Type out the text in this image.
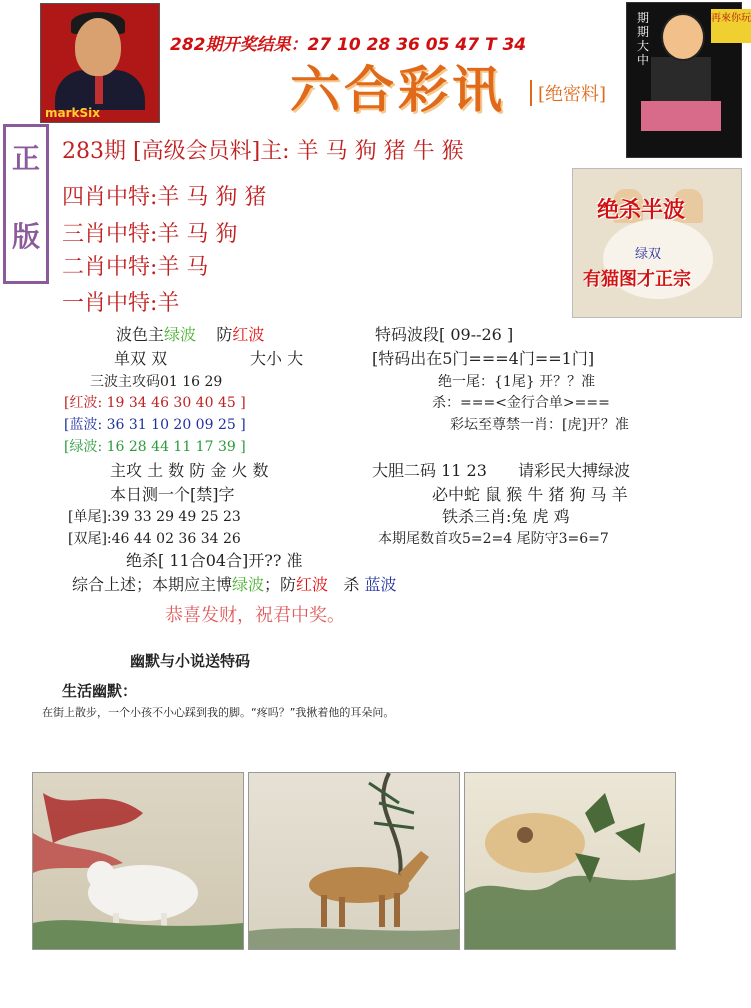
markSix
282期开奖结果：27 10 28 36 05 47 T 34
六合彩讯	[绝密料]
期期大中
再來你玩
正
版
283期 [高级会员料]主: 羊 马 狗 猪 牛 猴
四肖中特:羊 马 狗 猪
三肖中特:羊 马 狗
二肖中特:羊 马
一肖中特:羊
绝杀半波
绿双
有猫图才正宗
波色主绿波 防红波	特码波段[ 09--26 ]
单双 双	大小 大	[特码出在5门===4门==1门]
三波主攻码01 16 29	绝一尾：{1尾} 开？？准
[红波: 19 34 46 30 40 45 ]	杀：===<金行合单>===
[蓝波: 36 31 10 20 09 25 ]	彩坛至尊禁一肖：[虎]开？准
[绿波: 16 28 44 11 17 39 ]
主攻 土 数 防 金 火 数	大胆二码 11 23 请彩民大搏绿波
本日测一个[禁]字	必中蛇 鼠 猴 牛 猪 狗 马 羊
[单尾]:39 33 29 49 25 23	铁杀三肖:兔 虎 鸡
[双尾]:46 44 02 36 34 26	本期尾数首攻5=2=4 尾防守3=6=7
绝杀[ 11合04合]开?? 准
综合上述；本期应主博绿波；防红波 杀 蓝波
恭喜发财，祝君中奖。
幽默与小说送特码
生活幽默：
在街上散步，一个小孩不小心踩到我的脚。“疼吗？”我揪着他的耳朵问。
